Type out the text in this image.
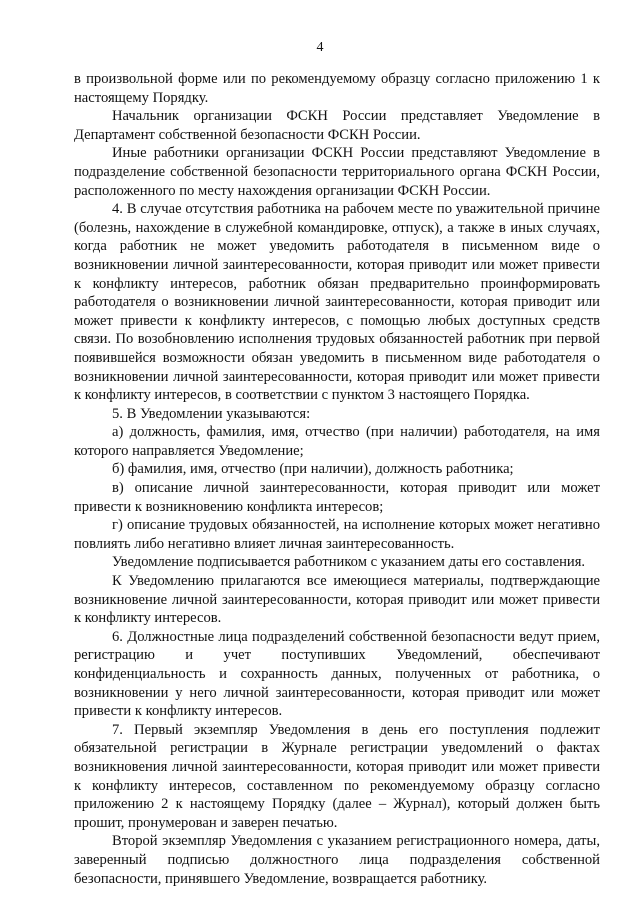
4

в произвольной форме или по рекомендуемому образцу согласно приложению 1 к настоящему Порядку.

Начальник организации ФСКН России представляет Уведомление в Департамент собственной безопасности ФСКН России.

Иные работники организации ФСКН России представляют Уведомление в подразделение собственной безопасности территориального органа ФСКН России, расположенного по месту нахождения организации ФСКН России.

4. В случае отсутствия работника на рабочем месте по уважительной причине (болезнь, нахождение в служебной командировке, отпуск), а также в иных случаях, когда работник не может уведомить работодателя в письменном виде о возникновении личной заинтересованности, которая приводит или может привести к конфликту интересов, работник обязан предварительно проинформировать работодателя о возникновении личной заинтересованности, которая приводит или может привести к конфликту интересов, с помощью любых доступных средств связи. По возобновлению исполнения трудовых обязанностей работник при первой появившейся возможности обязан уведомить в письменном виде работодателя о возникновении личной заинтересованности, которая приводит или может привести к конфликту интересов, в соответствии с пунктом 3 настоящего Порядка.

5. В Уведомлении указываются:

а) должность, фамилия, имя, отчество (при наличии) работодателя, на имя которого направляется Уведомление;

б) фамилия, имя, отчество (при наличии), должность работника;

в) описание личной заинтересованности, которая приводит или может привести к возникновению конфликта интересов;

г) описание трудовых обязанностей, на исполнение которых может негативно повлиять либо негативно влияет личная заинтересованность.

Уведомление подписывается работником с указанием даты его составления.

К Уведомлению прилагаются все имеющиеся материалы, подтверждающие возникновение личной заинтересованности, которая приводит или может привести к конфликту интересов.

6. Должностные лица подразделений собственной безопасности ведут прием, регистрацию и учет поступивших Уведомлений, обеспечивают конфиденциальность и сохранность данных, полученных от работника, о возникновении у него личной заинтересованности, которая приводит или может привести к конфликту интересов.

7. Первый экземпляр Уведомления в день его поступления подлежит обязательной регистрации в Журнале регистрации уведомлений о фактах возникновения личной заинтересованности, которая приводит или может привести к конфликту интересов, составленном по рекомендуемому образцу согласно приложению 2 к настоящему Порядку (далее – Журнал), который должен быть прошит, пронумерован и заверен печатью.

Второй экземпляр Уведомления с указанием регистрационного номера, даты, заверенный подписью должностного лица подразделения собственной безопасности, принявшего Уведомление, возвращается работнику.
